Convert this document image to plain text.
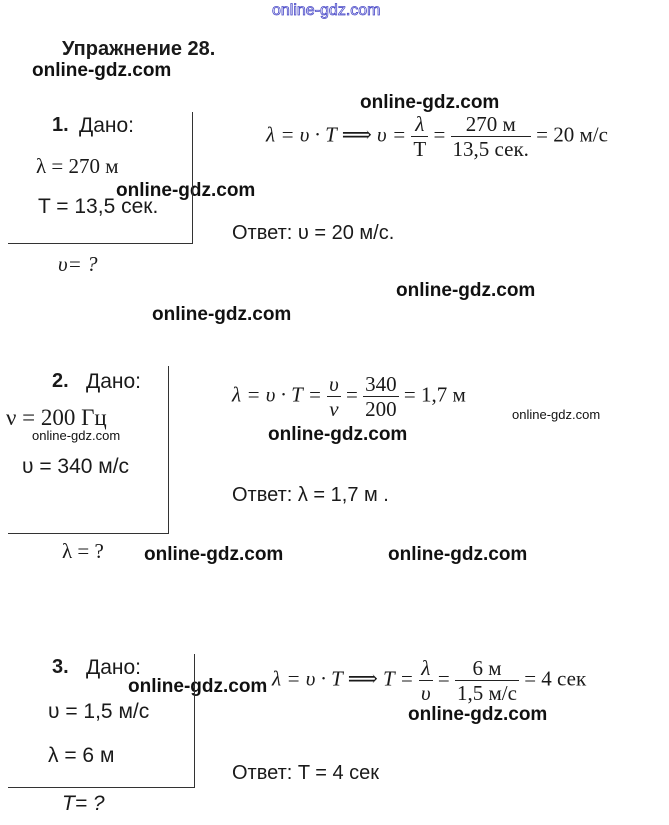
online-gdz.com
Упражнение 28.
online-gdz.com
online-gdz.com
online-gdz.com
online-gdz.com
online-gdz.com
online-gdz.com
online-gdz.com
online-gdz.com
online-gdz.com	online-gdz.com
online-gdz.com
online-gdz.com
1. Дано:
λ = 270 м
T = 13,5 сек.
υ= ?
λ = υ · T ⟹ $\upsilon = \frac{\lambda}{T} = \frac{270 м}{\text{13,5 сек.}} = 20$ м/с
Ответ: υ = 20 м/с.
2. Дано:
ν = 200 Гц
υ = 340 м/с
λ = ?
$\lambda = \upsilon \cdot T = \frac{\upsilon}{\nu} = \frac{340}{200} = 1,7$ м
Ответ: λ = 1,7 м .
3. Дано:
υ = 1,5 м/с
λ = 6 м
T= ?
λ = υ · T ⟹ $T = \frac{\lambda}{\upsilon} = \frac{6 м}{1,5 м/с} = 4$ сек
Ответ: T = 4 сек
